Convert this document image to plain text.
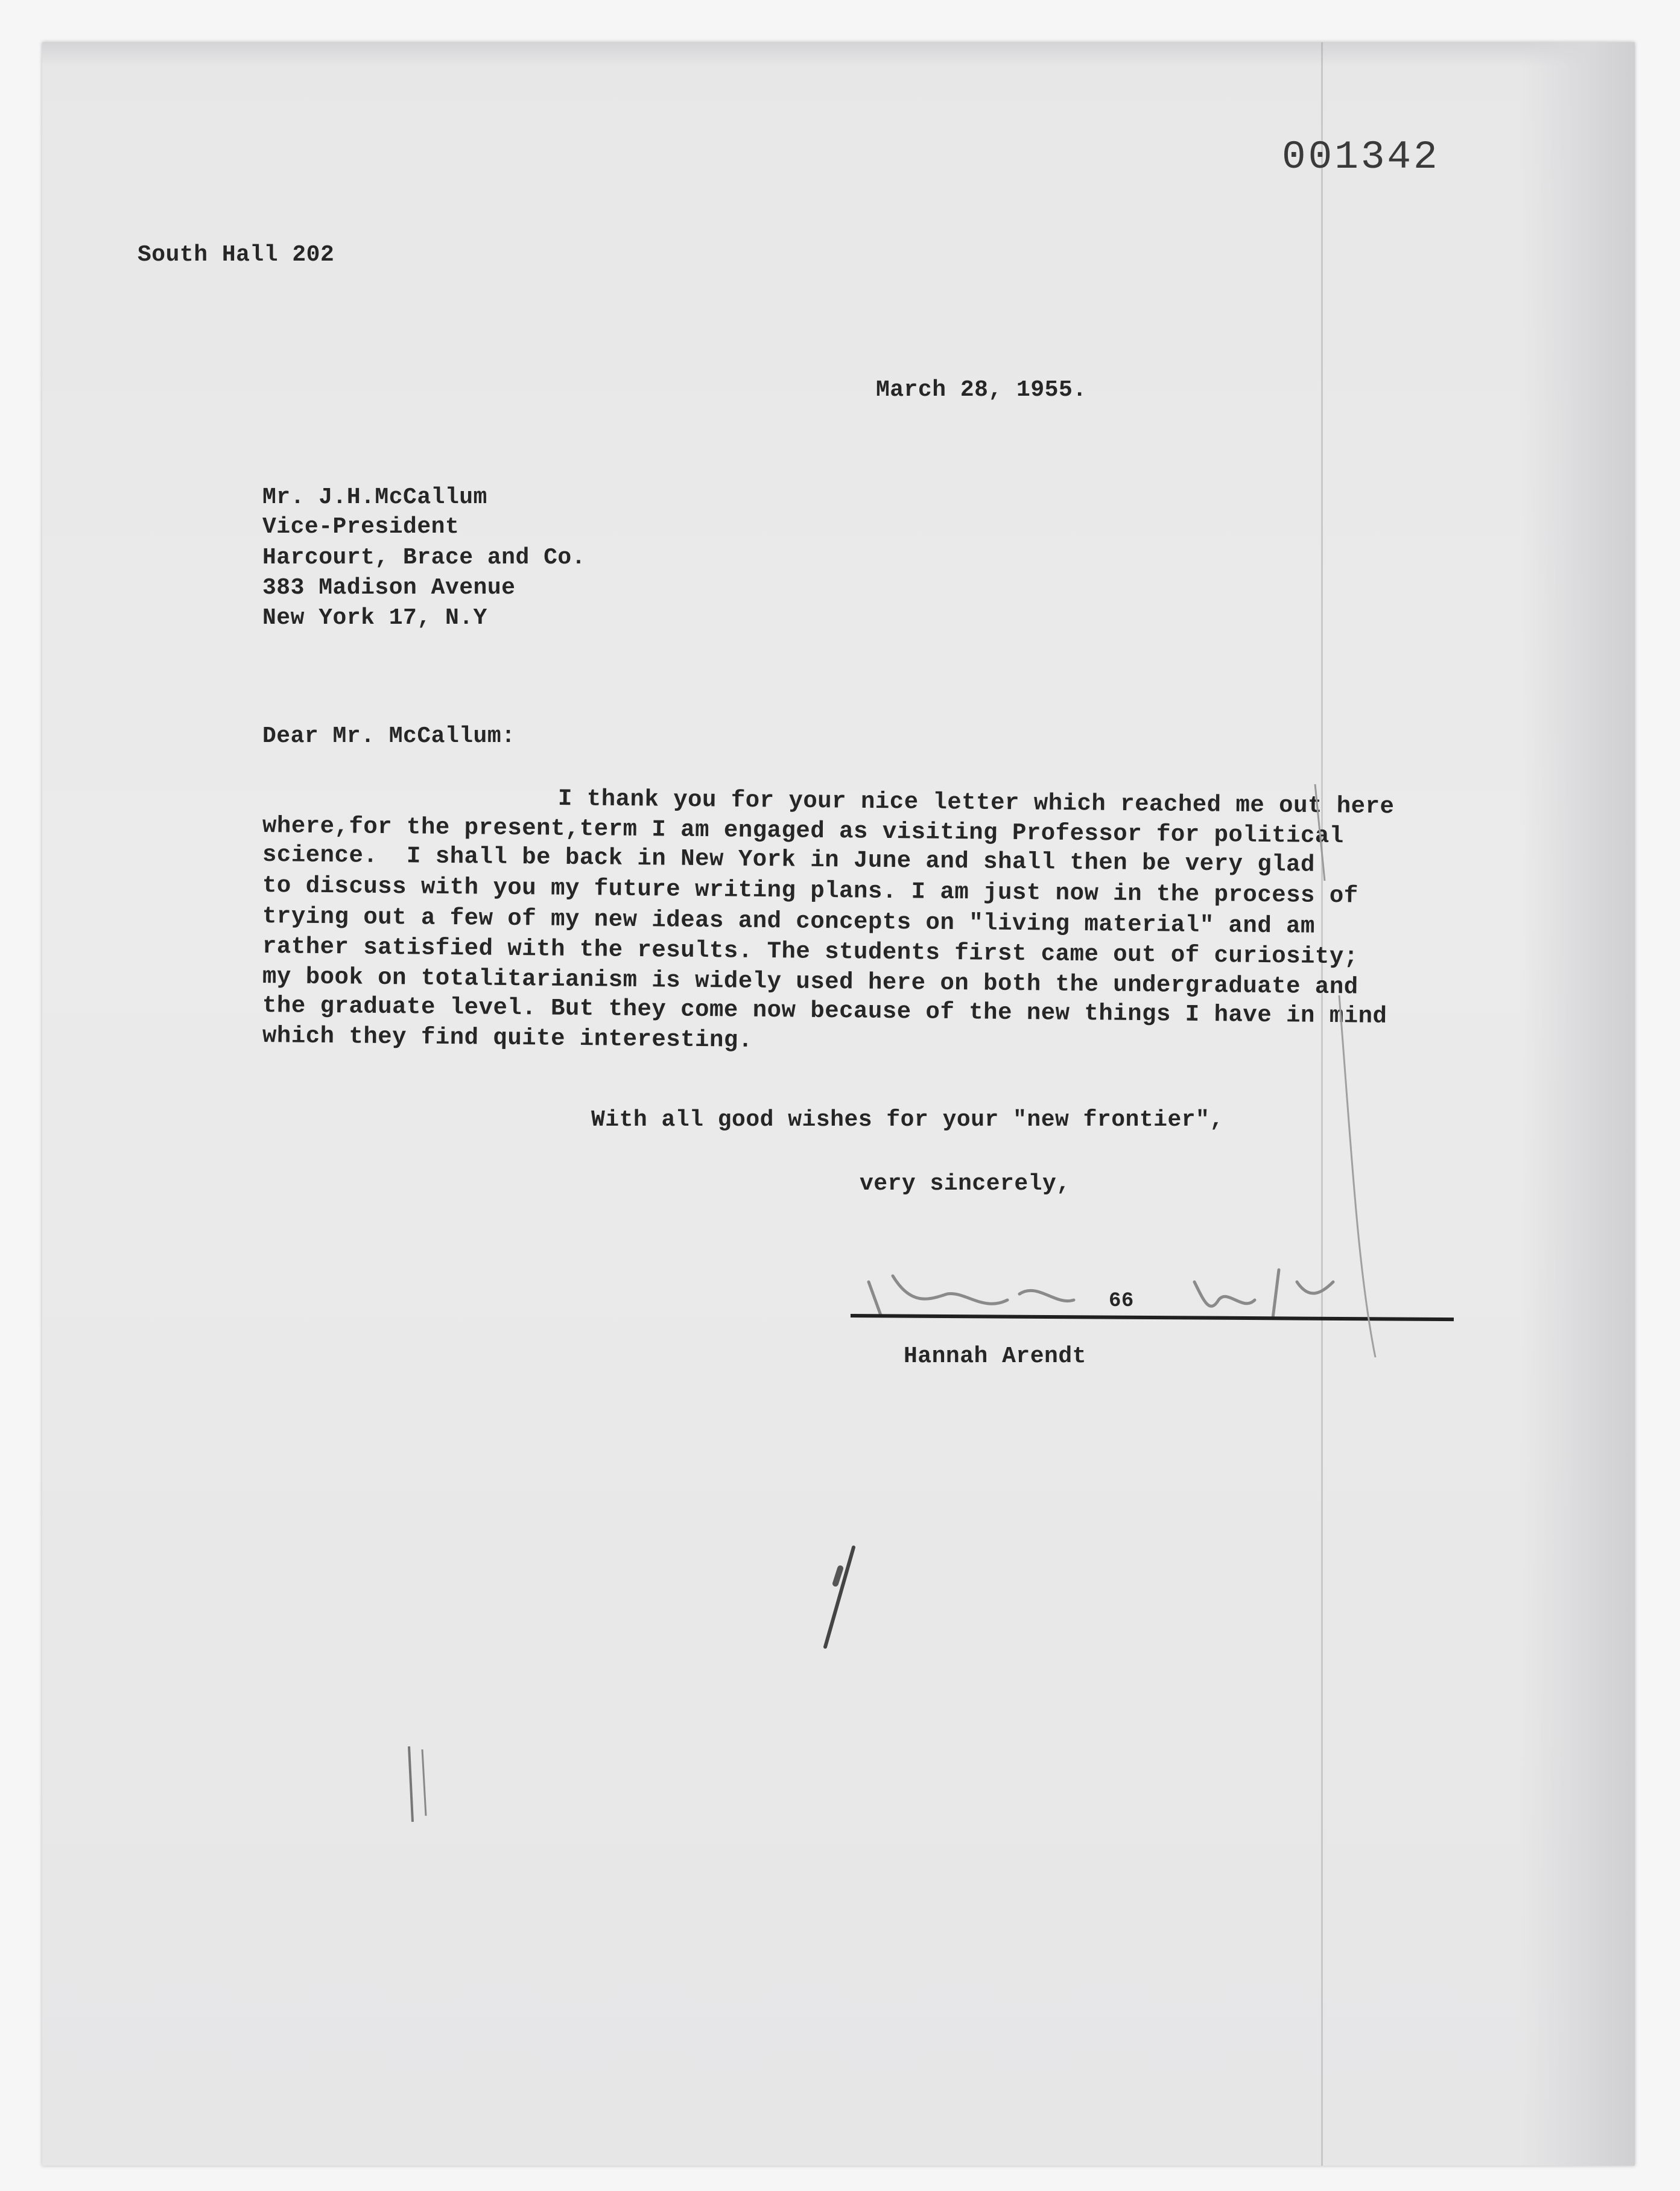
001342
South Hall 202
March 28, 1955.
Mr. J.H.McCallum
Vice-President
Harcourt, Brace and Co.
383 Madison Avenue
New York 17, N.Y
Dear Mr. McCallum:
I thank you for your nice letter which reached me out here
where,for the present,term I am engaged as visiting Professor for political
science.  I shall be back in New York in June and shall then be very glad
to discuss with you my future writing plans. I am just now in the process of
trying out a few of my new ideas and concepts on "living material" and am
rather satisfied with the results. The students first came out of curiosity;
my book on totalitarianism is widely used here on both the undergraduate and
the graduate level. But they come now because of the new things I have in mind
which they find quite interesting.
With all good wishes for your "new frontier",
very sincerely,
66
Hannah Arendt
